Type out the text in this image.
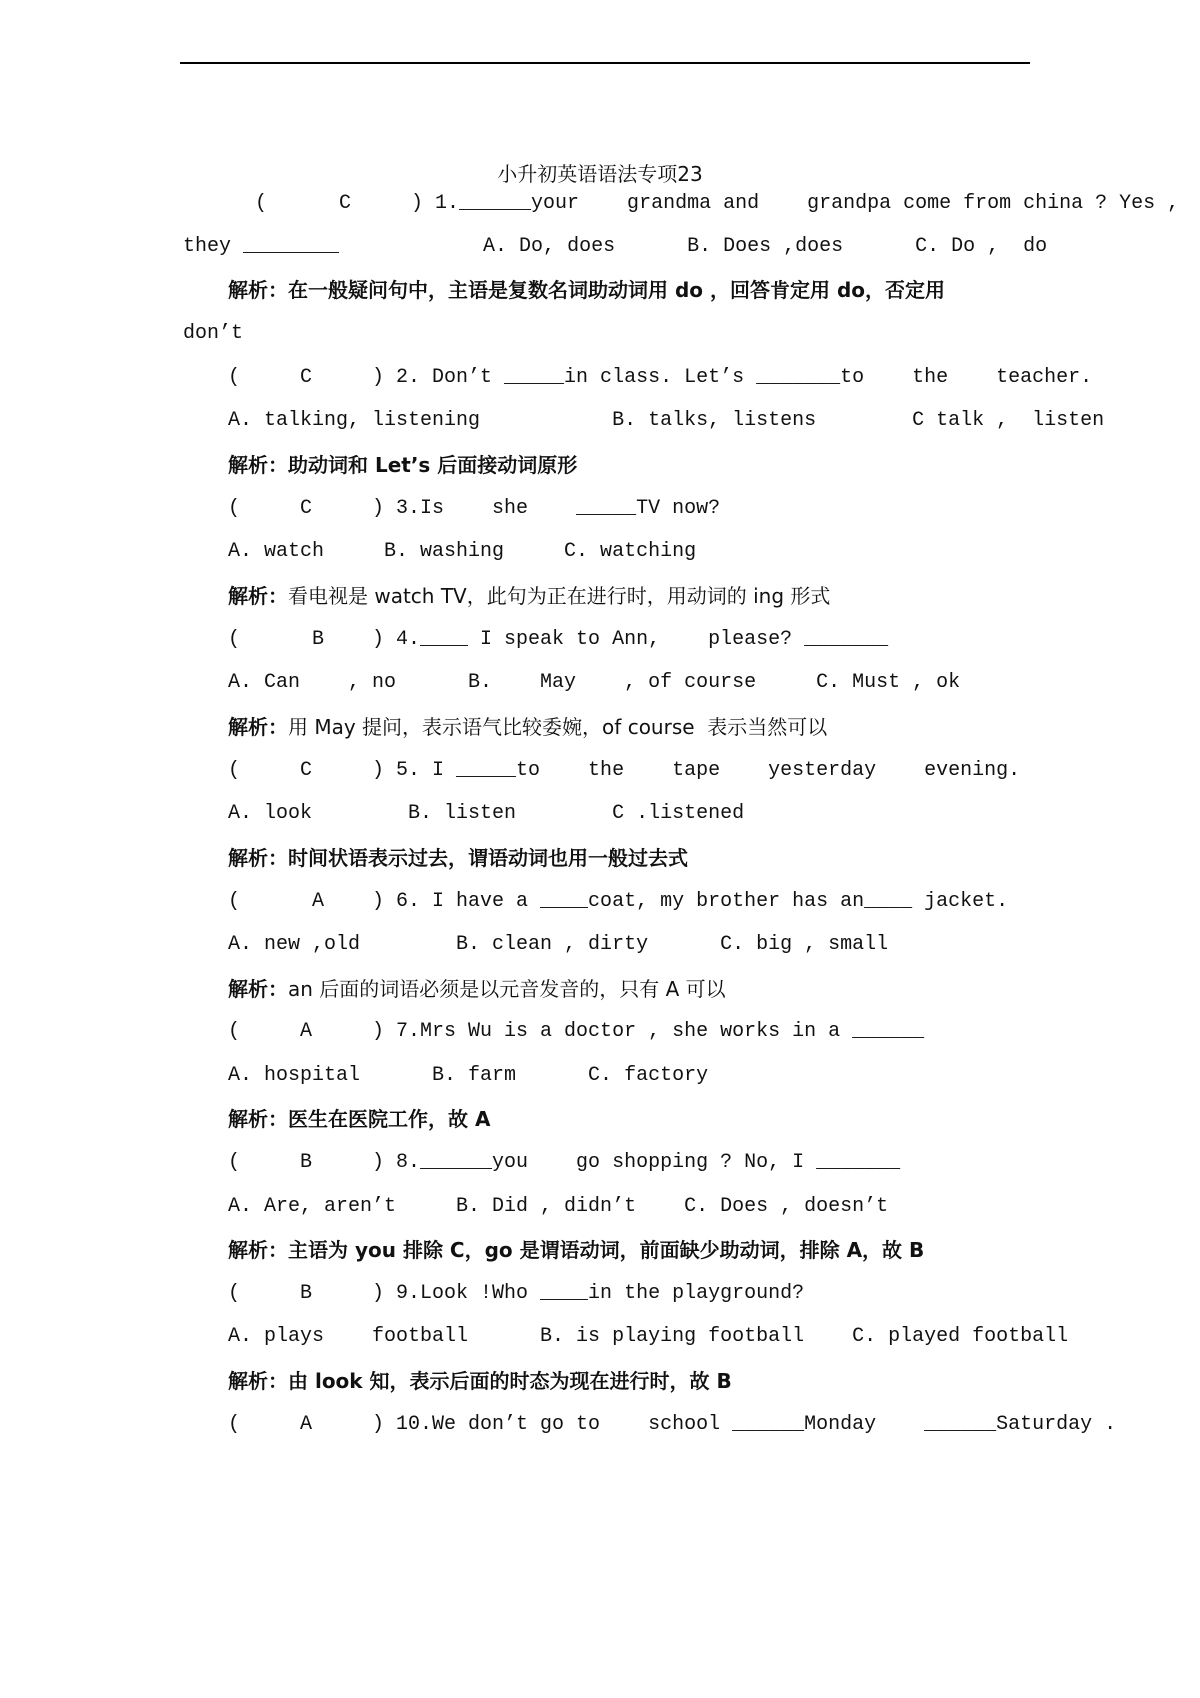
小升初英语语法专项23
(      C     ) 1.______your    grandma and    grandpa come from china ? Yes ,
they ________            A. Do, does      B. Does ,does      C. Do ,  do
解析：在一般疑问句中，主语是复数名词助动词用 do ，回答肯定用 do，否定用
don’t
(     C     ) 2. Don’t _____in class. Let’s _______to    the    teacher.
A. talking, listening           B. talks, listens        C talk ,  listen
解析：助动词和 Let’s 后面接动词原形
(     C     ) 3.Is    she    _____TV now?
A. watch     B. washing     C. watching
解析：看电视是 watch TV，此句为正在进行时，用动词的 ing 形式
(      B    ) 4.____ I speak to Ann,    please? _______
A. Can    , no      B.    May    , of course     C. Must , ok
解析：用 May 提问，表示语气比较委婉，of course  表示当然可以
(     C     ) 5. I _____to    the    tape    yesterday    evening.
A. look        B. listen        C .listened
解析：时间状语表示过去，谓语动词也用一般过去式
(      A    ) 6. I have a ____coat, my brother has an____ jacket.
A. new ,old        B. clean , dirty      C. big , small
解析：an 后面的词语必须是以元音发音的，只有 A 可以
(     A     ) 7.Mrs Wu is a doctor , she works in a ______
A. hospital      B. farm      C. factory
解析：医生在医院工作，故 A
(     B     ) 8.______you    go shopping ? No, I _______
A. Are, aren’t     B. Did , didn’t    C. Does , doesn’t
解析：主语为 you 排除 C，go 是谓语动词，前面缺少助动词，排除 A，故 B
(     B     ) 9.Look !Who ____in the playground?
A. plays    football      B. is playing football    C. played football
解析：由 look 知，表示后面的时态为现在进行时，故 B
(     A     ) 10.We don’t go to    school ______Monday    ______Saturday .
